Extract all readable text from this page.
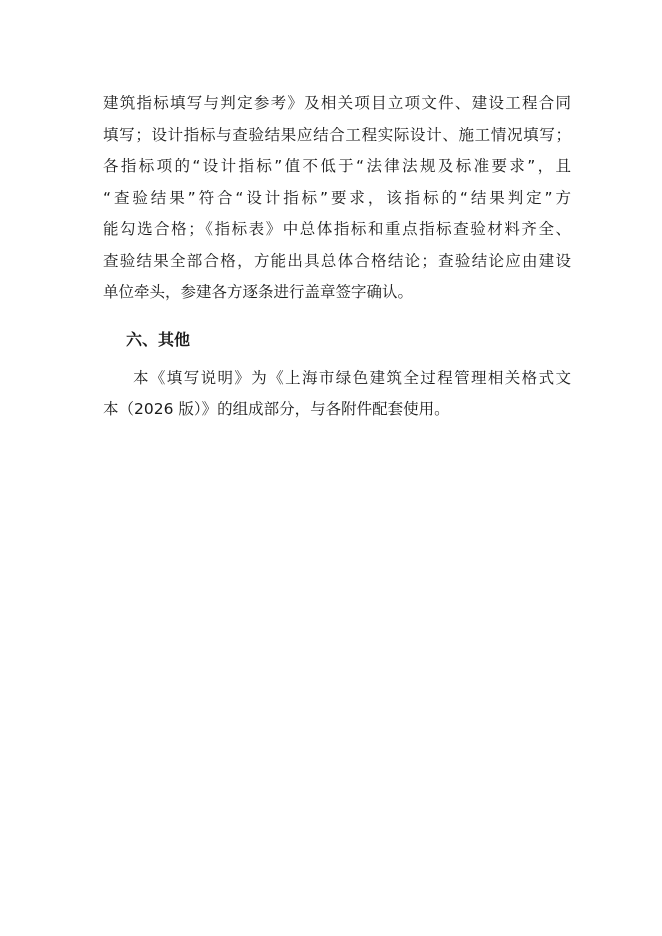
建筑指标填写与判定参考》及相关项目立项文件、建设工程合同
填写；设计指标与查验结果应结合工程实际设计、施工情况填写；
各指标项的“设计指标”值不低于“法律法规及标准要求”，且
“查验结果”符合“设计指标”要求，该指标的“结果判定”方
能勾选合格；《指标表》中总体指标和重点指标查验材料齐全、
查验结果全部合格，方能出具总体合格结论；查验结论应由建设
单位牵头，参建各方逐条进行盖章签字确认。
六、其他
本《填写说明》为《上海市绿色建筑全过程管理相关格式文
本（2026 版）》的组成部分，与各附件配套使用。
